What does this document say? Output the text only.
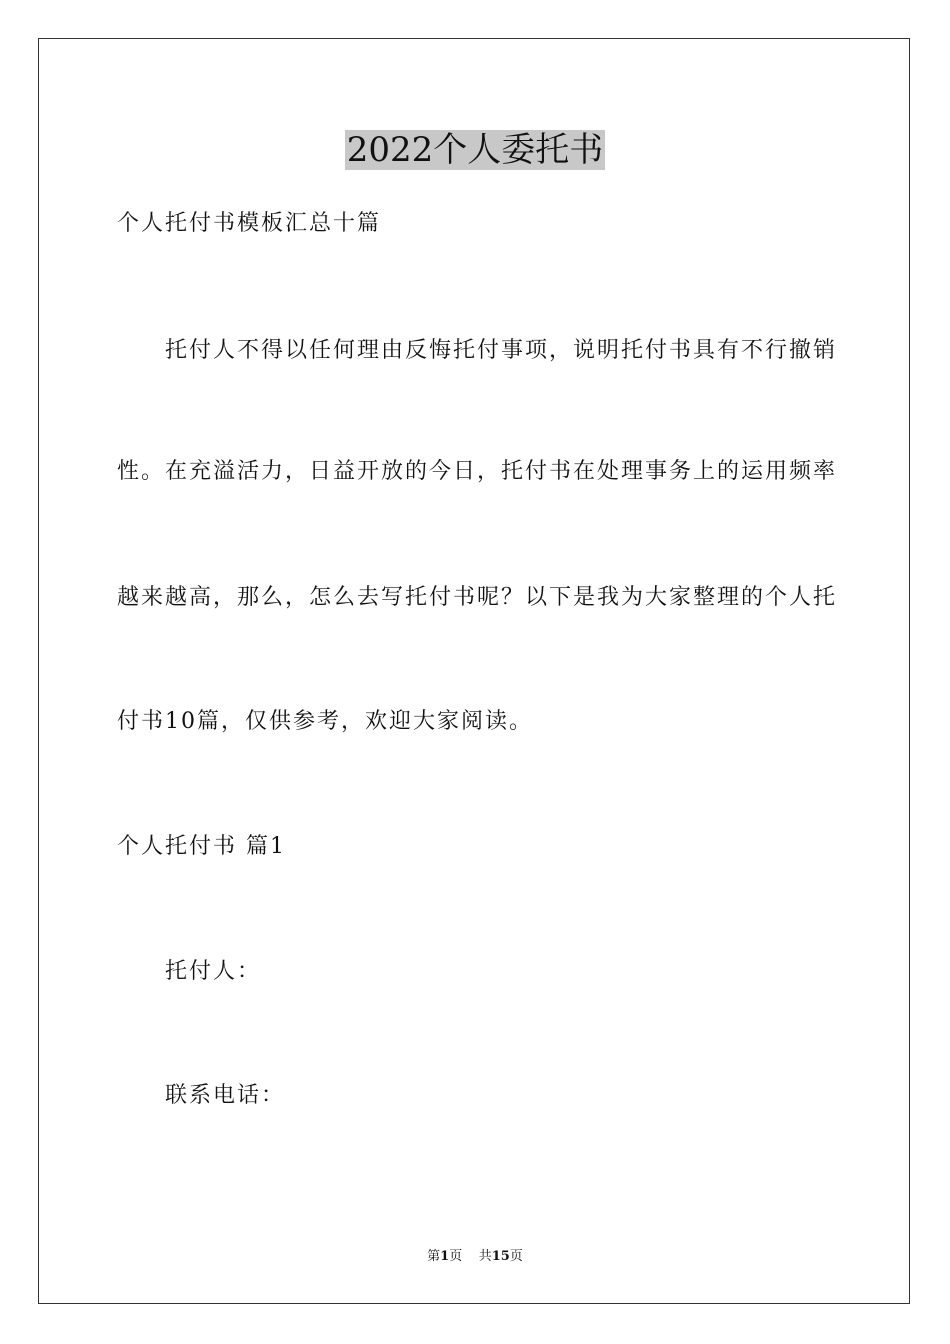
2022个人委托书

个人托付书模板汇总十篇

托付人不得以任何理由反悔托付事项，说明托付书具有不行撤销

性。在充溢活力，日益开放的今日，托付书在处理事务上的运用频率

越来越高，那么，怎么去写托付书呢？以下是我为大家整理的个人托

付书10篇，仅供参考，欢迎大家阅读。

个人托付书 篇1

托付人：

联系电话：

第1页    共15页
